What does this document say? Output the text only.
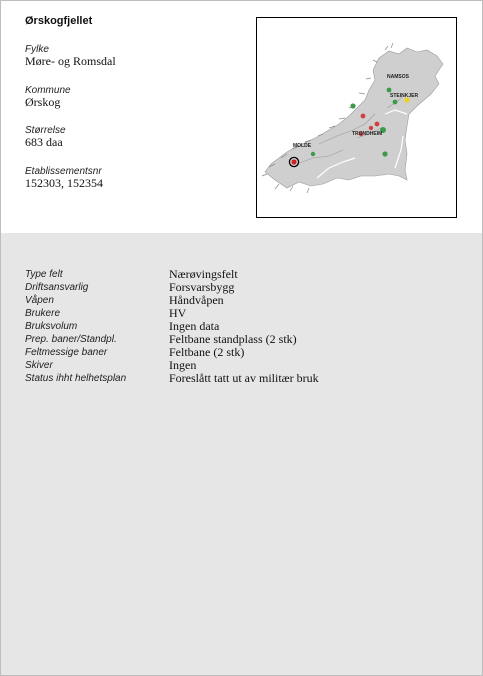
Ørskogfjellet
Fylke
Møre- og Romsdal
Kommune
Ørskog
Størrelse
683 daa
Etablissementsnr
152303, 152354
NAMSOS
STEINKJER
TRONDHEIM
MOLDE
Type felt	Nærøvingsfelt
Driftsansvarlig	Forsvarsbygg
Våpen	Håndvåpen
Brukere	HV
Bruksvolum	Ingen data
Prep. baner/Standpl.	Feltbane standplass (2 stk)
Feltmessige baner	Feltbane (2 stk)
Skiver	Ingen
Status ihht helhetsplan	Foreslått tatt ut av militær bruk
